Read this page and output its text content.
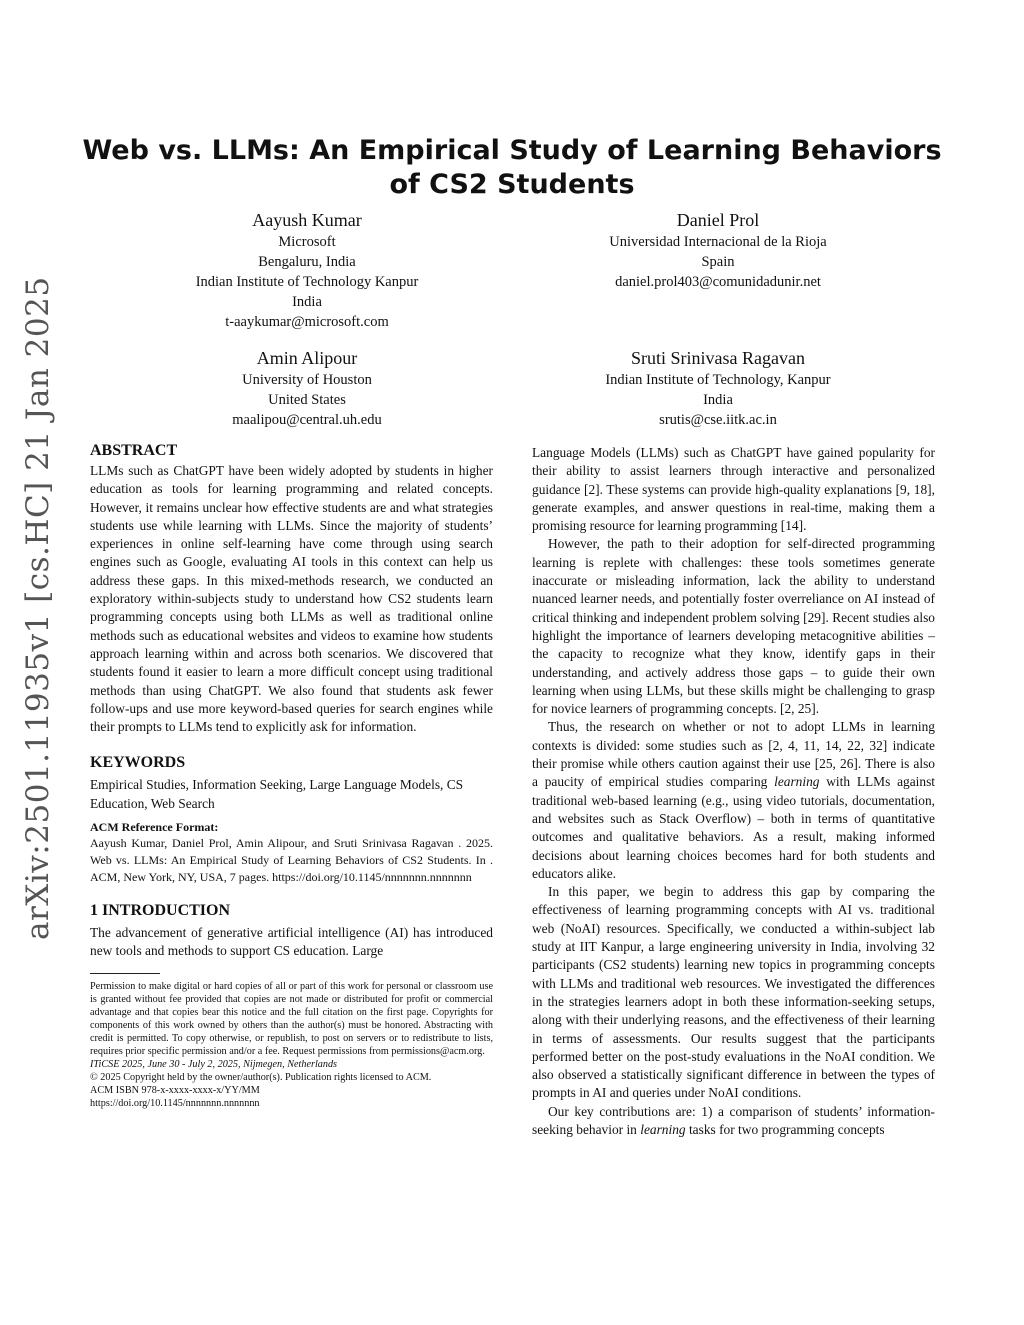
Web vs. LLMs: An Empirical Study of Learning Behaviors of CS2 Students
Aayush Kumar
Microsoft
Bengaluru, India
Indian Institute of Technology Kanpur
India
t-aaykumar@microsoft.com
Daniel Prol
Universidad Internacional de la Rioja
Spain
daniel.prol403@comunidadunir.net
Amin Alipour
University of Houston
United States
maalipou@central.uh.edu
Sruti Srinivasa Ragavan
Indian Institute of Technology, Kanpur
India
srutis@cse.iitk.ac.in
arXiv:2501.11935v1 [cs.HC] 21 Jan 2025 ABSTRACT

LLMs such as ChatGPT have been widely adopted by students in higher education as tools for learning programming and related concepts. However, it remains unclear how effective students are and what strategies students use while learning with LLMs. Since the majority of students’ experiences in online self-learning have come through using search engines such as Google, evaluating AI tools in this context can help us address these gaps. In this mixed-methods research, we conducted an exploratory within-subjects study to understand how CS2 students learn programming concepts using both LLMs as well as traditional online methods such as educational websites and videos to examine how students approach learning within and across both scenarios. We discovered that students found it easier to learn a more difficult concept using traditional methods than using ChatGPT. We also found that students ask fewer follow-ups and use more keyword-based queries for search engines while their prompts to LLMs tend to explicitly ask for information.

KEYWORDS

Empirical Studies, Information Seeking, Large Language Models, CS Education, Web Search

ACM Reference Format:

Aayush Kumar, Daniel Prol, Amin Alipour, and Sruti Srinivasa Ragavan . 2025. Web vs. LLMs: An Empirical Study of Learning Behaviors of CS2 Students. In . ACM, New York, NY, USA, 7 pages. https://doi.org/10.1145/nnnnnnn.nnnnnnn

1 INTRODUCTION

The advancement of generative artificial intelligence (AI) has introduced new tools and methods to support CS education. Large

Permission to make digital or hard copies of all or part of this work for personal or classroom use is granted without fee provided that copies are not made or distributed for profit or commercial advantage and that copies bear this notice and the full citation on the first page. Copyrights for components of this work owned by others than the author(s) must be honored. Abstracting with credit is permitted. To copy otherwise, or republish, to post on servers or to redistribute to lists, requires prior specific permission and/or a fee. Request permissions from permissions@acm.org.

ITiCSE 2025, June 30 - July 2, 2025, Nijmegen, Netherlands

© 2025 Copyright held by the owner/author(s). Publication rights licensed to ACM.

ACM ISBN 978-x-xxxx-xxxx-x/YY/MM

https://doi.org/10.1145/nnnnnnn.nnnnnnn

Language Models (LLMs) such as ChatGPT have gained popularity for their ability to assist learners through interactive and personalized guidance [2]. These systems can provide high-quality explanations [9, 18], generate examples, and answer questions in real-time, making them a promising resource for learning programming [14].

However, the path to their adoption for self-directed programming learning is replete with challenges: these tools sometimes generate inaccurate or misleading information, lack the ability to understand nuanced learner needs, and potentially foster overreliance on AI instead of critical thinking and independent problem solving [29]. Recent studies also highlight the importance of learners developing metacognitive abilities – the capacity to recognize what they know, identify gaps in their understanding, and actively address those gaps – to guide their own learning when using LLMs, but these skills might be challenging to grasp for novice learners of programming concepts. [2, 25].

Thus, the research on whether or not to adopt LLMs in learning contexts is divided: some studies such as [2, 4, 11, 14, 22, 32] indicate their promise while others caution against their use [25, 26]. There is also a paucity of empirical studies comparing learning with LLMs against traditional web-based learning (e.g., using video tutorials, documentation, and websites such as Stack Overflow) – both in terms of quantitative outcomes and qualitative behaviors. As a result, making informed decisions about learning choices becomes hard for both students and educators alike.

In this paper, we begin to address this gap by comparing the effectiveness of learning programming concepts with AI vs. traditional web (NoAI) resources. Specifically, we conducted a within-subject lab study at IIT Kanpur, a large engineering university in India, involving 32 participants (CS2 students) learning new topics in programming concepts with LLMs and traditional web resources. We investigated the differences in the strategies learners adopt in both these information-seeking setups, along with their underlying reasons, and the effectiveness of their learning in terms of assessments. Our results suggest that the participants performed better on the post-study evaluations in the NoAI condition. We also observed a statistically significant difference in between the types of prompts in AI and queries under NoAI conditions.

Our key contributions are: 1) a comparison of students’ information-seeking behavior in learning tasks for two programming concepts
